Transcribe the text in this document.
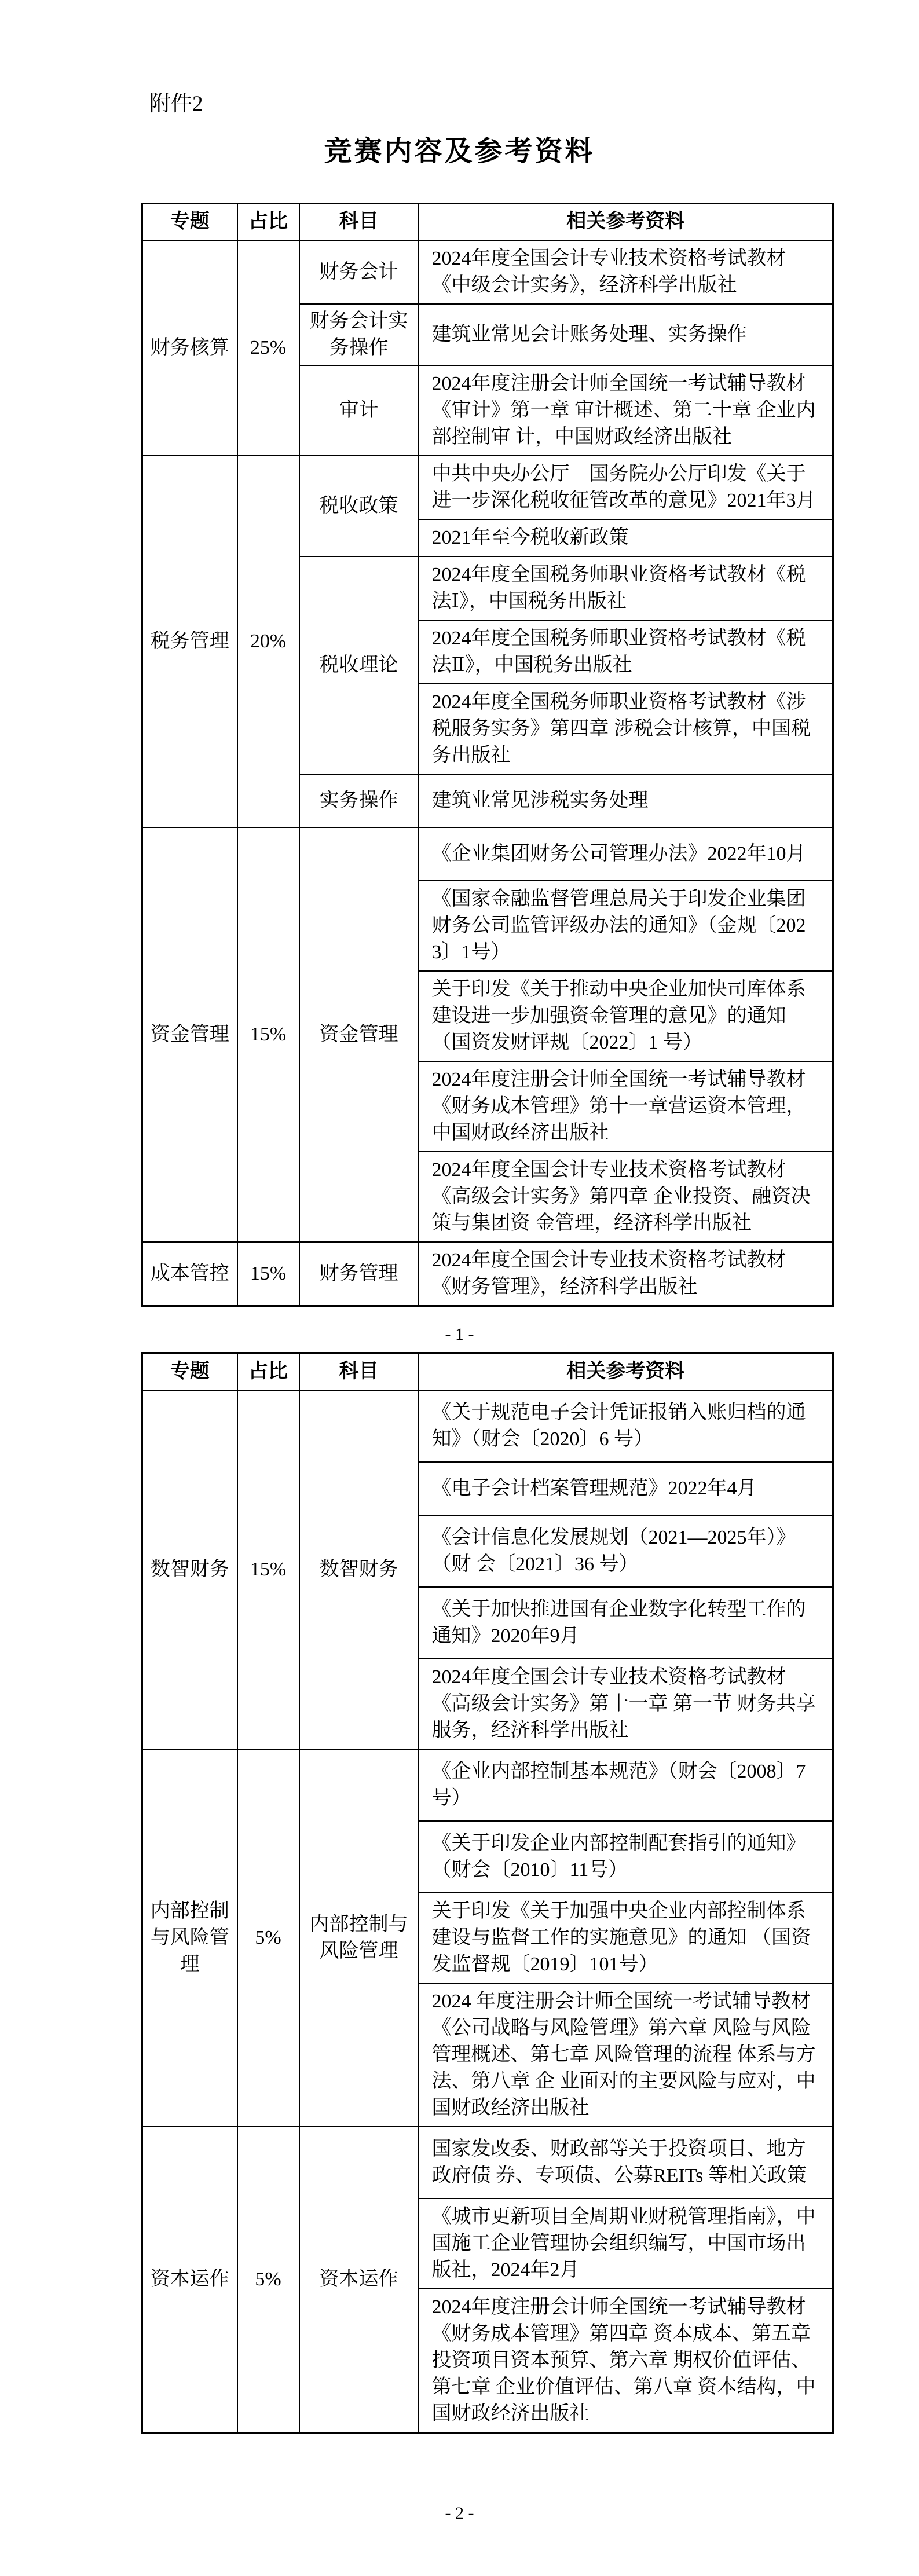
附件2
竞赛内容及参考资料
专题	占比	科目	相关参考资料
财务核算	25%	财务会计	2024年度全国会计专业技术资格考试教材《中级会计实务》，经济科学出版社
		财务会计实务操作	建筑业常见会计账务处理、实务操作
		审计	2024年度注册会计师全国统一考试辅导教材《审计》第一章 审计概述、第二十章 企业内部控制审 计，中国财政经济出版社
税务管理	20%	税收政策	中共中央办公厅　国务院办公厅印发《关于进一步深化税收征管改革的意见》2021年3月
			2021年至今税收新政策
		税收理论	2024年度全国税务师职业资格考试教材《税法Ⅰ》，中国税务出版社
			2024年度全国税务师职业资格考试教材《税法Ⅱ》，中国税务出版社
			2024年度全国税务师职业资格考试教材《涉税服务实务》第四章 涉税会计核算，中国税务出版社
		实务操作	建筑业常见涉税实务处理
资金管理	15%	资金管理	《企业集团财务公司管理办法》2022年10月
			《国家金融监督管理总局关于印发企业集团财务公司监管评级办法的通知》（金规〔2023〕1号）
			关于印发《关于推动中央企业加快司库体系建设进一步加强资金管理的意见》的通知（国资发财评规〔2022〕1 号）
			2024年度注册会计师全国统一考试辅导教材《财务成本管理》第十一章营运资本管理，中国财政经济出版社
			2024年度全国会计专业技术资格考试教材《高级会计实务》第四章 企业投资、融资决策与集团资 金管理，经济科学出版社
成本管控	15%	财务管理	2024年度全国会计专业技术资格考试教材《财务管理》，经济科学出版社
- 1 -
专题	占比	科目	相关参考资料
数智财务	15%	数智财务	《关于规范电子会计凭证报销入账归档的通知》（财会〔2020〕6 号）
			《电子会计档案管理规范》2022年4月
			《会计信息化发展规划（2021—2025年）》（财 会〔2021〕36 号）
			《关于加快推进国有企业数字化转型工作的通知》2020年9月
			2024年度全国会计专业技术资格考试教材《高级会计实务》第十一章 第一节 财务共享服务，经济科学出版社
内部控制与风险管理	5%	内部控制与风险管理	《企业内部控制基本规范》（财会〔2008〕7 号）
			《关于印发企业内部控制配套指引的通知》（财会〔2010〕11号）
			关于印发《关于加强中央企业内部控制体系建设与监督工作的实施意见》的通知 （国资发监督规〔2019〕101号）
			2024 年度注册会计师全国统一考试辅导教材《公司战略与风险管理》第六章 风险与风险管理概述、第七章 风险管理的流程 体系与方法、第八章 企 业面对的主要风险与应对，中国财政经济出版社
资本运作	5%	资本运作	国家发改委、财政部等关于投资项目、地方政府债 券、专项债、公募REITs 等相关政策
			《城市更新项目全周期业财税管理指南》，中国施工企业管理协会组织编写，中国市场出版社，2024年2月
			2024年度注册会计师全国统一考试辅导教材《财务成本管理》第四章 资本成本、第五章 投资项目资本预算、第六章 期权价值评估、第七章 企业价值评估、第八章 资本结构，中国财政经济出版社
- 2 -
